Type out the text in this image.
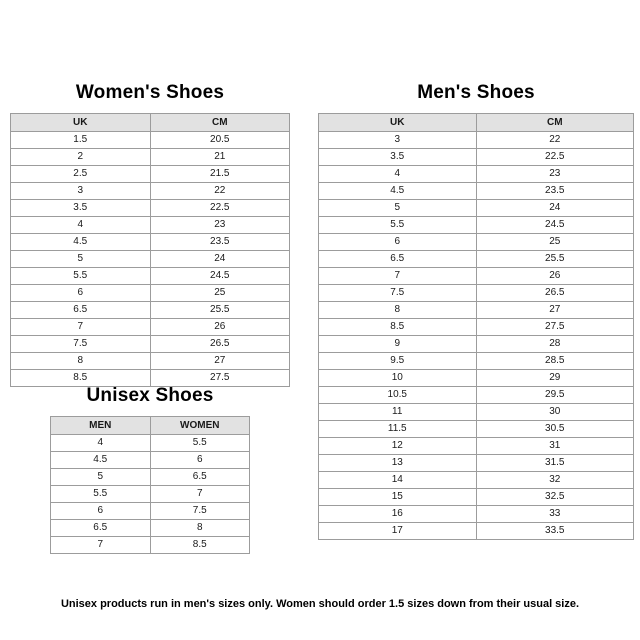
Women's Shoes
UK	CM
1.5	20.5
2	21
2.5	21.5
3	22
3.5	22.5
4	23
4.5	23.5
5	24
5.5	24.5
6	25
6.5	25.5
7	26
7.5	26.5
8	27
8.5	27.5
Men's Shoes
UK	CM
3	22
3.5	22.5
4	23
4.5	23.5
5	24
5.5	24.5
6	25
6.5	25.5
7	26
7.5	26.5
8	27
8.5	27.5
9	28
9.5	28.5
10	29
10.5	29.5
11	30
11.5	30.5
12	31
13	31.5
14	32
15	32.5
16	33
17	33.5
Unisex Shoes
MEN	WOMEN
4	5.5
4.5	6
5	6.5
5.5	7
6	7.5
6.5	8
7	8.5
Unisex products run in men's sizes only. Women should order 1.5 sizes down from their usual size.
